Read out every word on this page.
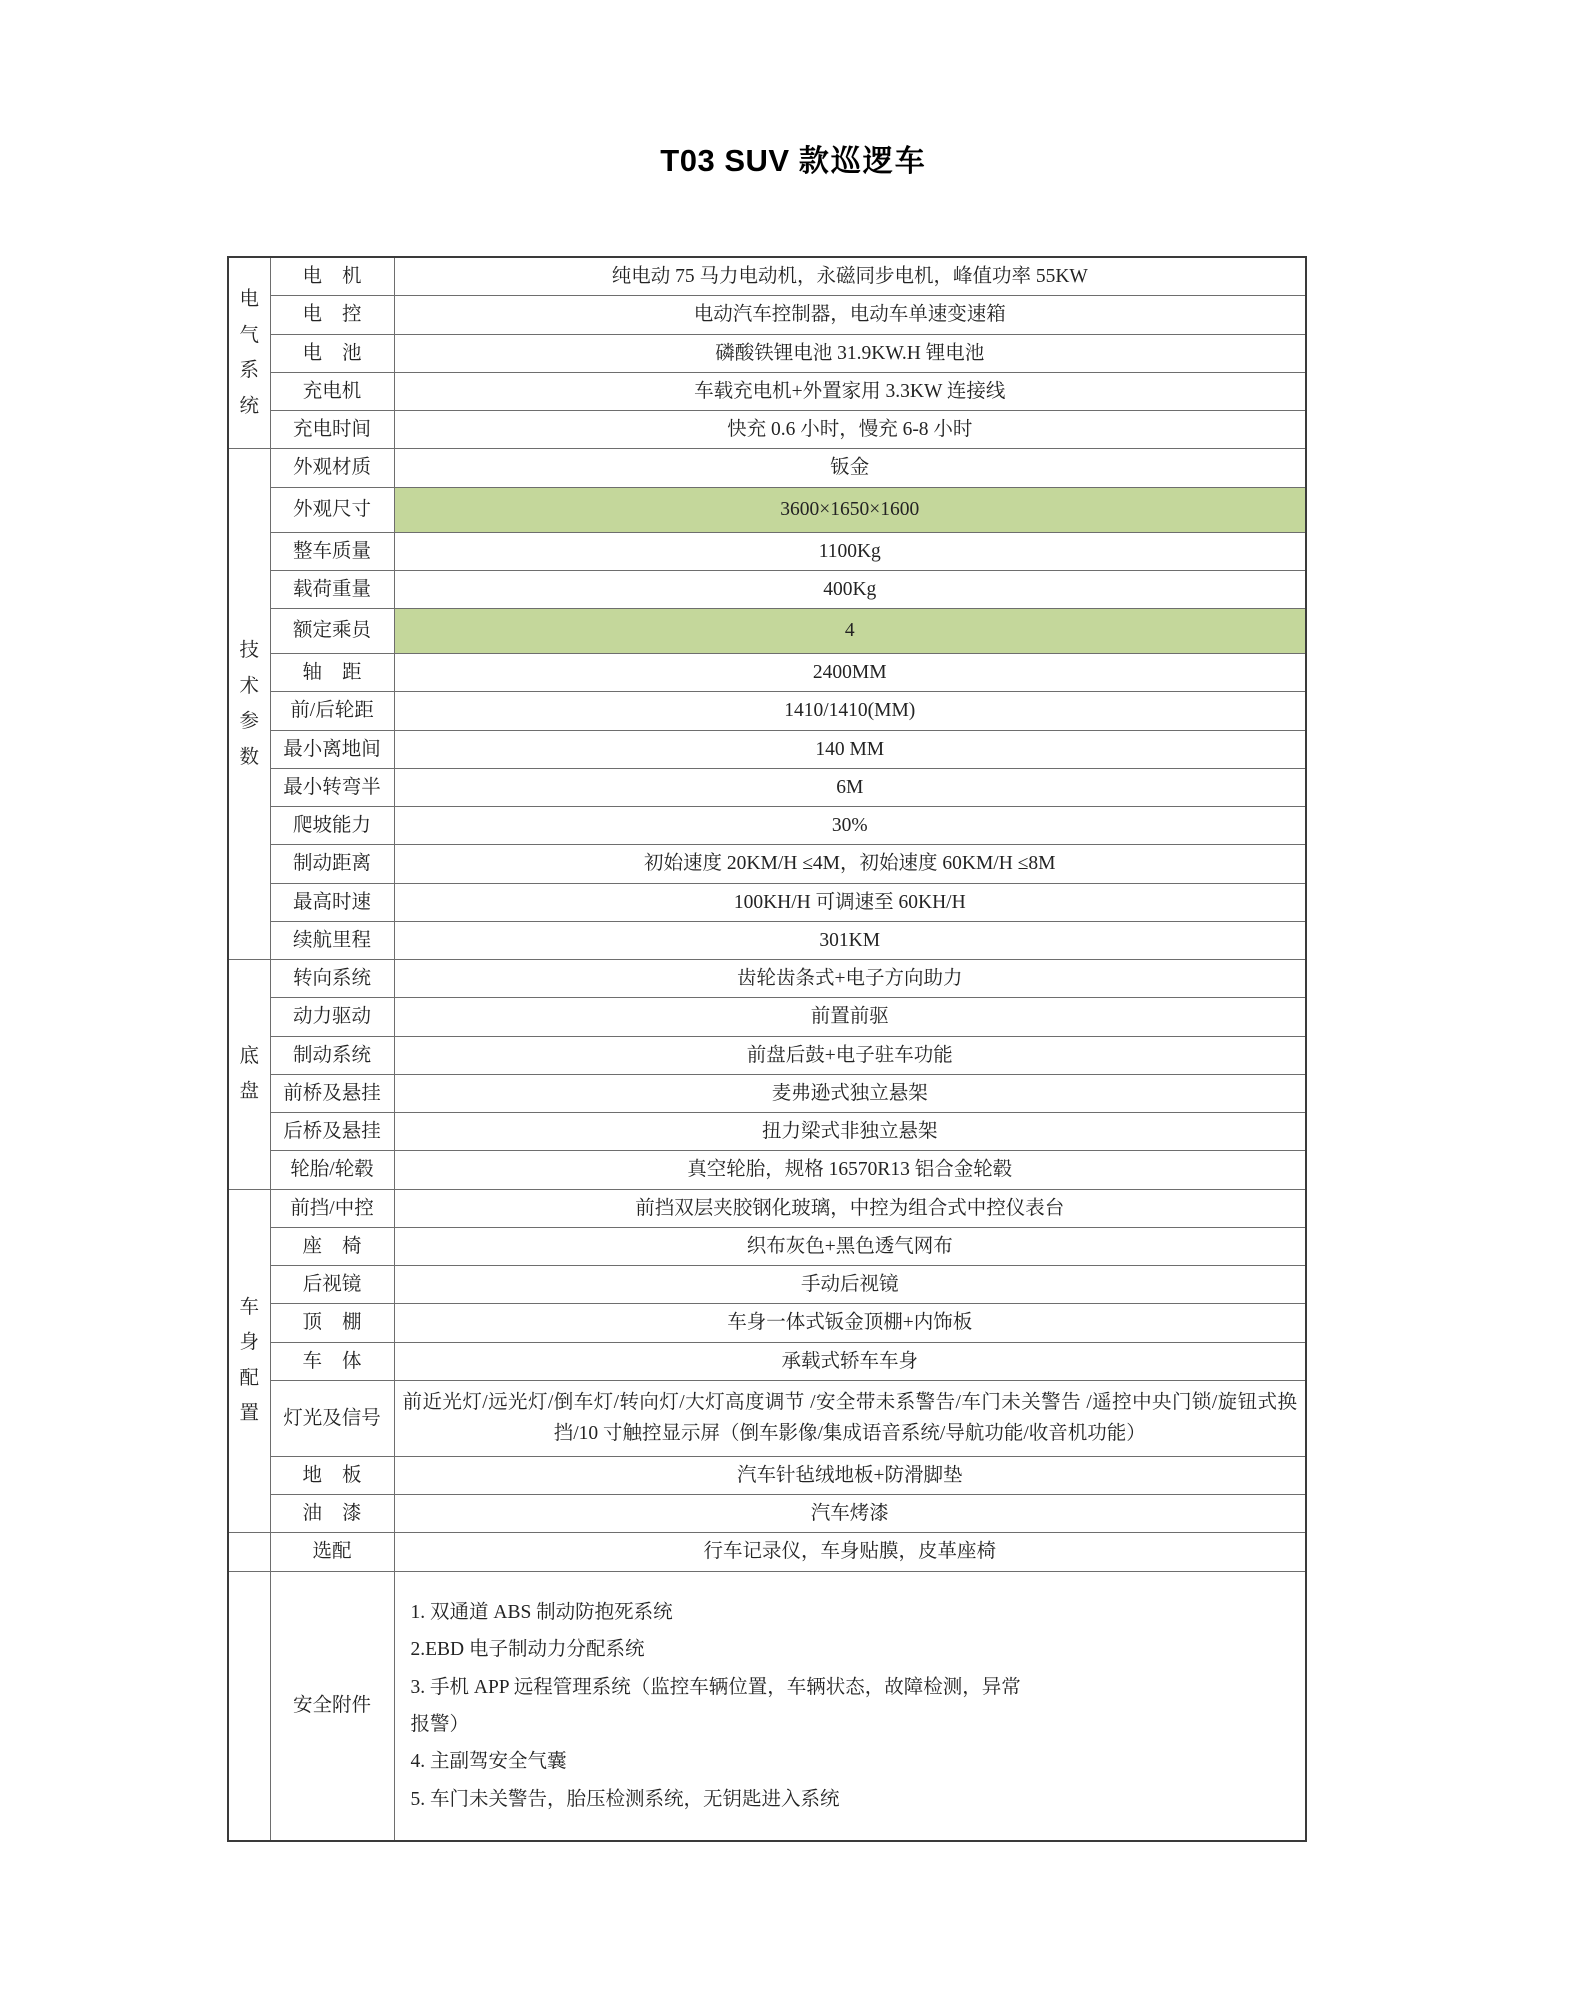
T03 SUV 款巡逻车
电
气
系
统	电 机	纯电动 75 马力电动机，永磁同步电机，峰值功率 55KW
	电 控	电动汽车控制器，电动车单速变速箱
	电 池	磷酸铁锂电池 31.9KW.H 锂电池
	充电机	车载充电机+外置家用 3.3KW 连接线
	充电时间	快充 0.6 小时，慢充 6-8 小时

技
术
参
数	外观材质	钣金
	外观尺寸	3600×1650×1600
	整车质量	1100Kg
	载荷重量	400Kg
	额定乘员	4
	轴 距	2400MM
	前/后轮距	1410/1410(MM)
	最小离地间	140 MM
	最小转弯半	6M
	爬坡能力	30%
	制动距离	初始速度 20KM/H ≤4M，初始速度 60KM/H ≤8M
	最高时速	100KH/H 可调速至 60KH/H
	续航里程	301KM

底
盘	转向系统	齿轮齿条式+电子方向助力
	动力驱动	前置前驱
	制动系统	前盘后鼓+电子驻车功能
	前桥及悬挂	麦弗逊式独立悬架
	后桥及悬挂	扭力梁式非独立悬架
	轮胎/轮毂	真空轮胎，规格 16570R13 铝合金轮毂

车
身
配
置	前挡/中控	前挡双层夹胶钢化玻璃，中控为组合式中控仪表台
	座 椅	织布灰色+黑色透气网布
	后视镜	手动后视镜
	顶 棚	车身一体式钣金顶棚+内饰板
	车 体	承载式轿车车身
	灯光及信号	前近光灯/远光灯/倒车灯/转向灯/大灯高度调节 /安全带未系警告/车门未关警告 /遥控中央门锁/旋钮式换挡/10 寸触控显示屏（倒车影像/集成语音系统/导航功能/收音机功能）

	地 板	汽车针毡绒地板+防滑脚垫
	油 漆	汽车烤漆
	选配	行车记录仪，车身贴膜，皮革座椅
	安全附件	
1. 双通道 ABS 制动防抱死系统
2.EBD 电子制动力分配系统
3. 手机 APP 远程管理系统（监控车辆位置，车辆状态，故障检测，异常
报警）
4. 主副驾安全气囊
5. 车门未关警告，胎压检测系统，无钥匙进入系统
